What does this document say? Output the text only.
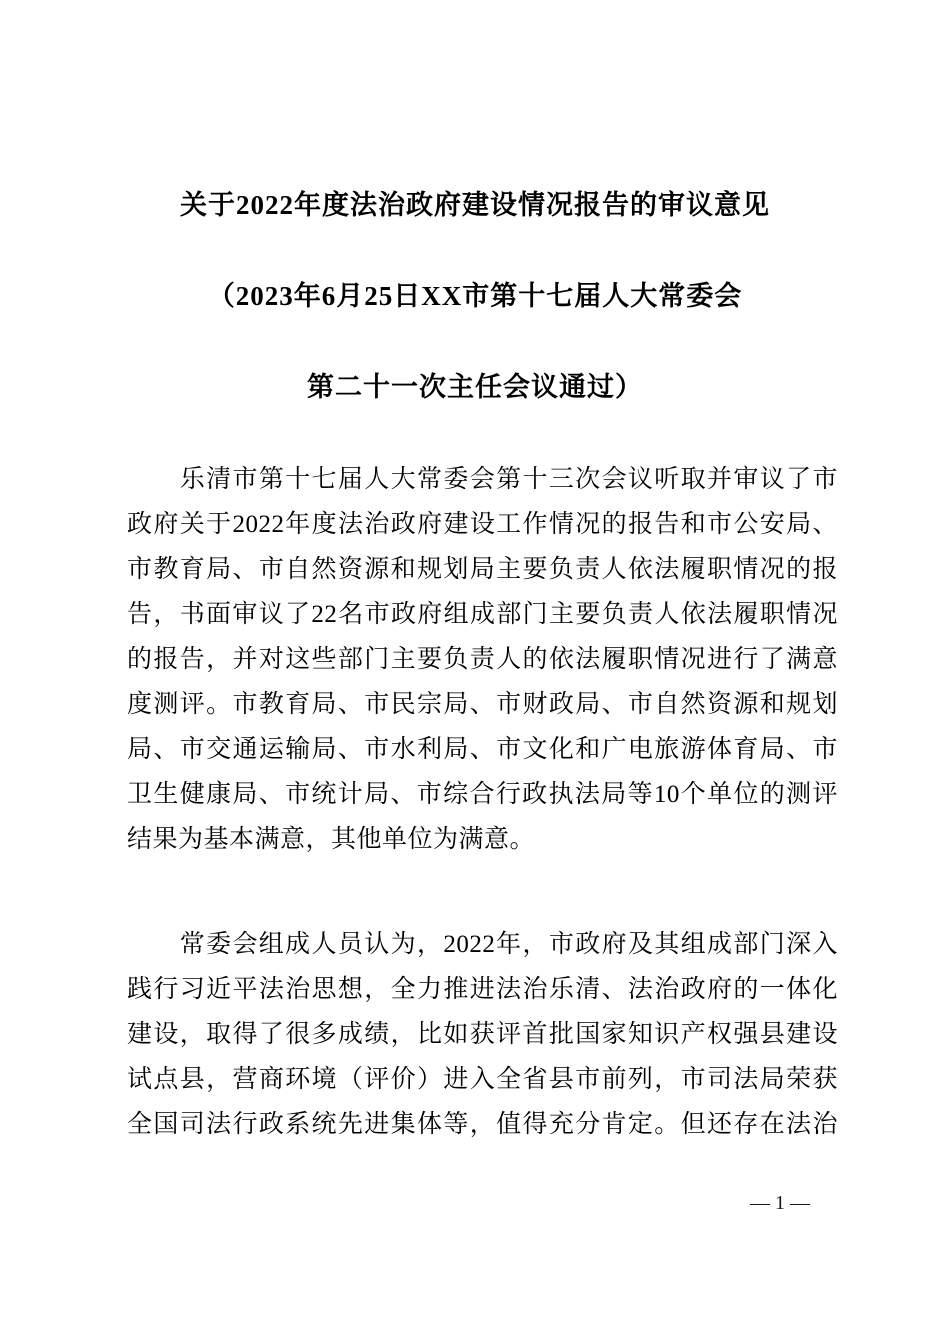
关于2022年度法治政府建设情况报告的审议意见
（2023年6月25日XX市第十七届人大常委会
第二十一次主任会议通过）
　　乐清市第十七届人大常委会第十三次会议听取并审议了市
政府关于2022年度法治政府建设工作情况的报告和市公安局、
市教育局、市自然资源和规划局主要负责人依法履职情况的报
告，书面审议了22名市政府组成部门主要负责人依法履职情况
的报告，并对这些部门主要负责人的依法履职情况进行了满意
度测评。市教育局、市民宗局、市财政局、市自然资源和规划
局、市交通运输局、市水利局、市文化和广电旅游体育局、市
卫生健康局、市统计局、市综合行政执法局等10个单位的测评
结果为基本满意，其他单位为满意。
　　常委会组成人员认为，2022年，市政府及其组成部门深入
践行习近平法治思想，全力推进法治乐清、法治政府的一体化
建设，取得了很多成绩，比如获评首批国家知识产权强县建设
试点县，营商环境（评价）进入全省县市前列，市司法局荣获
全国司法行政系统先进集体等，值得充分肯定。但还存在法治
— 1 —
